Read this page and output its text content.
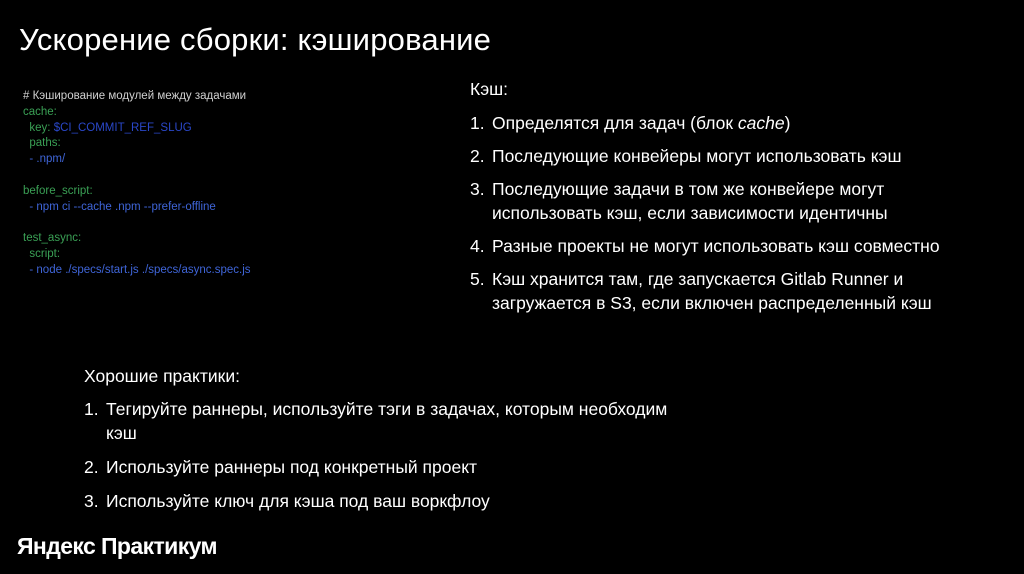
Ускорение сборки: кэширование
# Кэширование модулей между задачами
cache:
key: $CI_COMMIT_REF_SLUG
paths:
- .npm/
before_script:
- npm ci --cache .npm --prefer-offline
test_async:
script:
- node ./specs/start.js ./specs/async.spec.js
Кэш:
1. Определятся для задач (блок cache)
2. Последующие конвейеры могут использовать кэш
3. Последующие задачи в том же конвейере могут
использовать кэш, если зависимости идентичны
4. Разные проекты не могут использовать кэш совместно
5. Кэш хранится там, где запускается Gitlab Runner и
загружается в S3, если включен распределенный кэш
Хорошие практики:
1. Тегируйте раннеры, используйте тэги в задачах, которым необходим
кэш
2. Используйте раннеры под конкретный проект
3. Используйте ключ для кэша под ваш воркфлоу
Яндекс Практикум
